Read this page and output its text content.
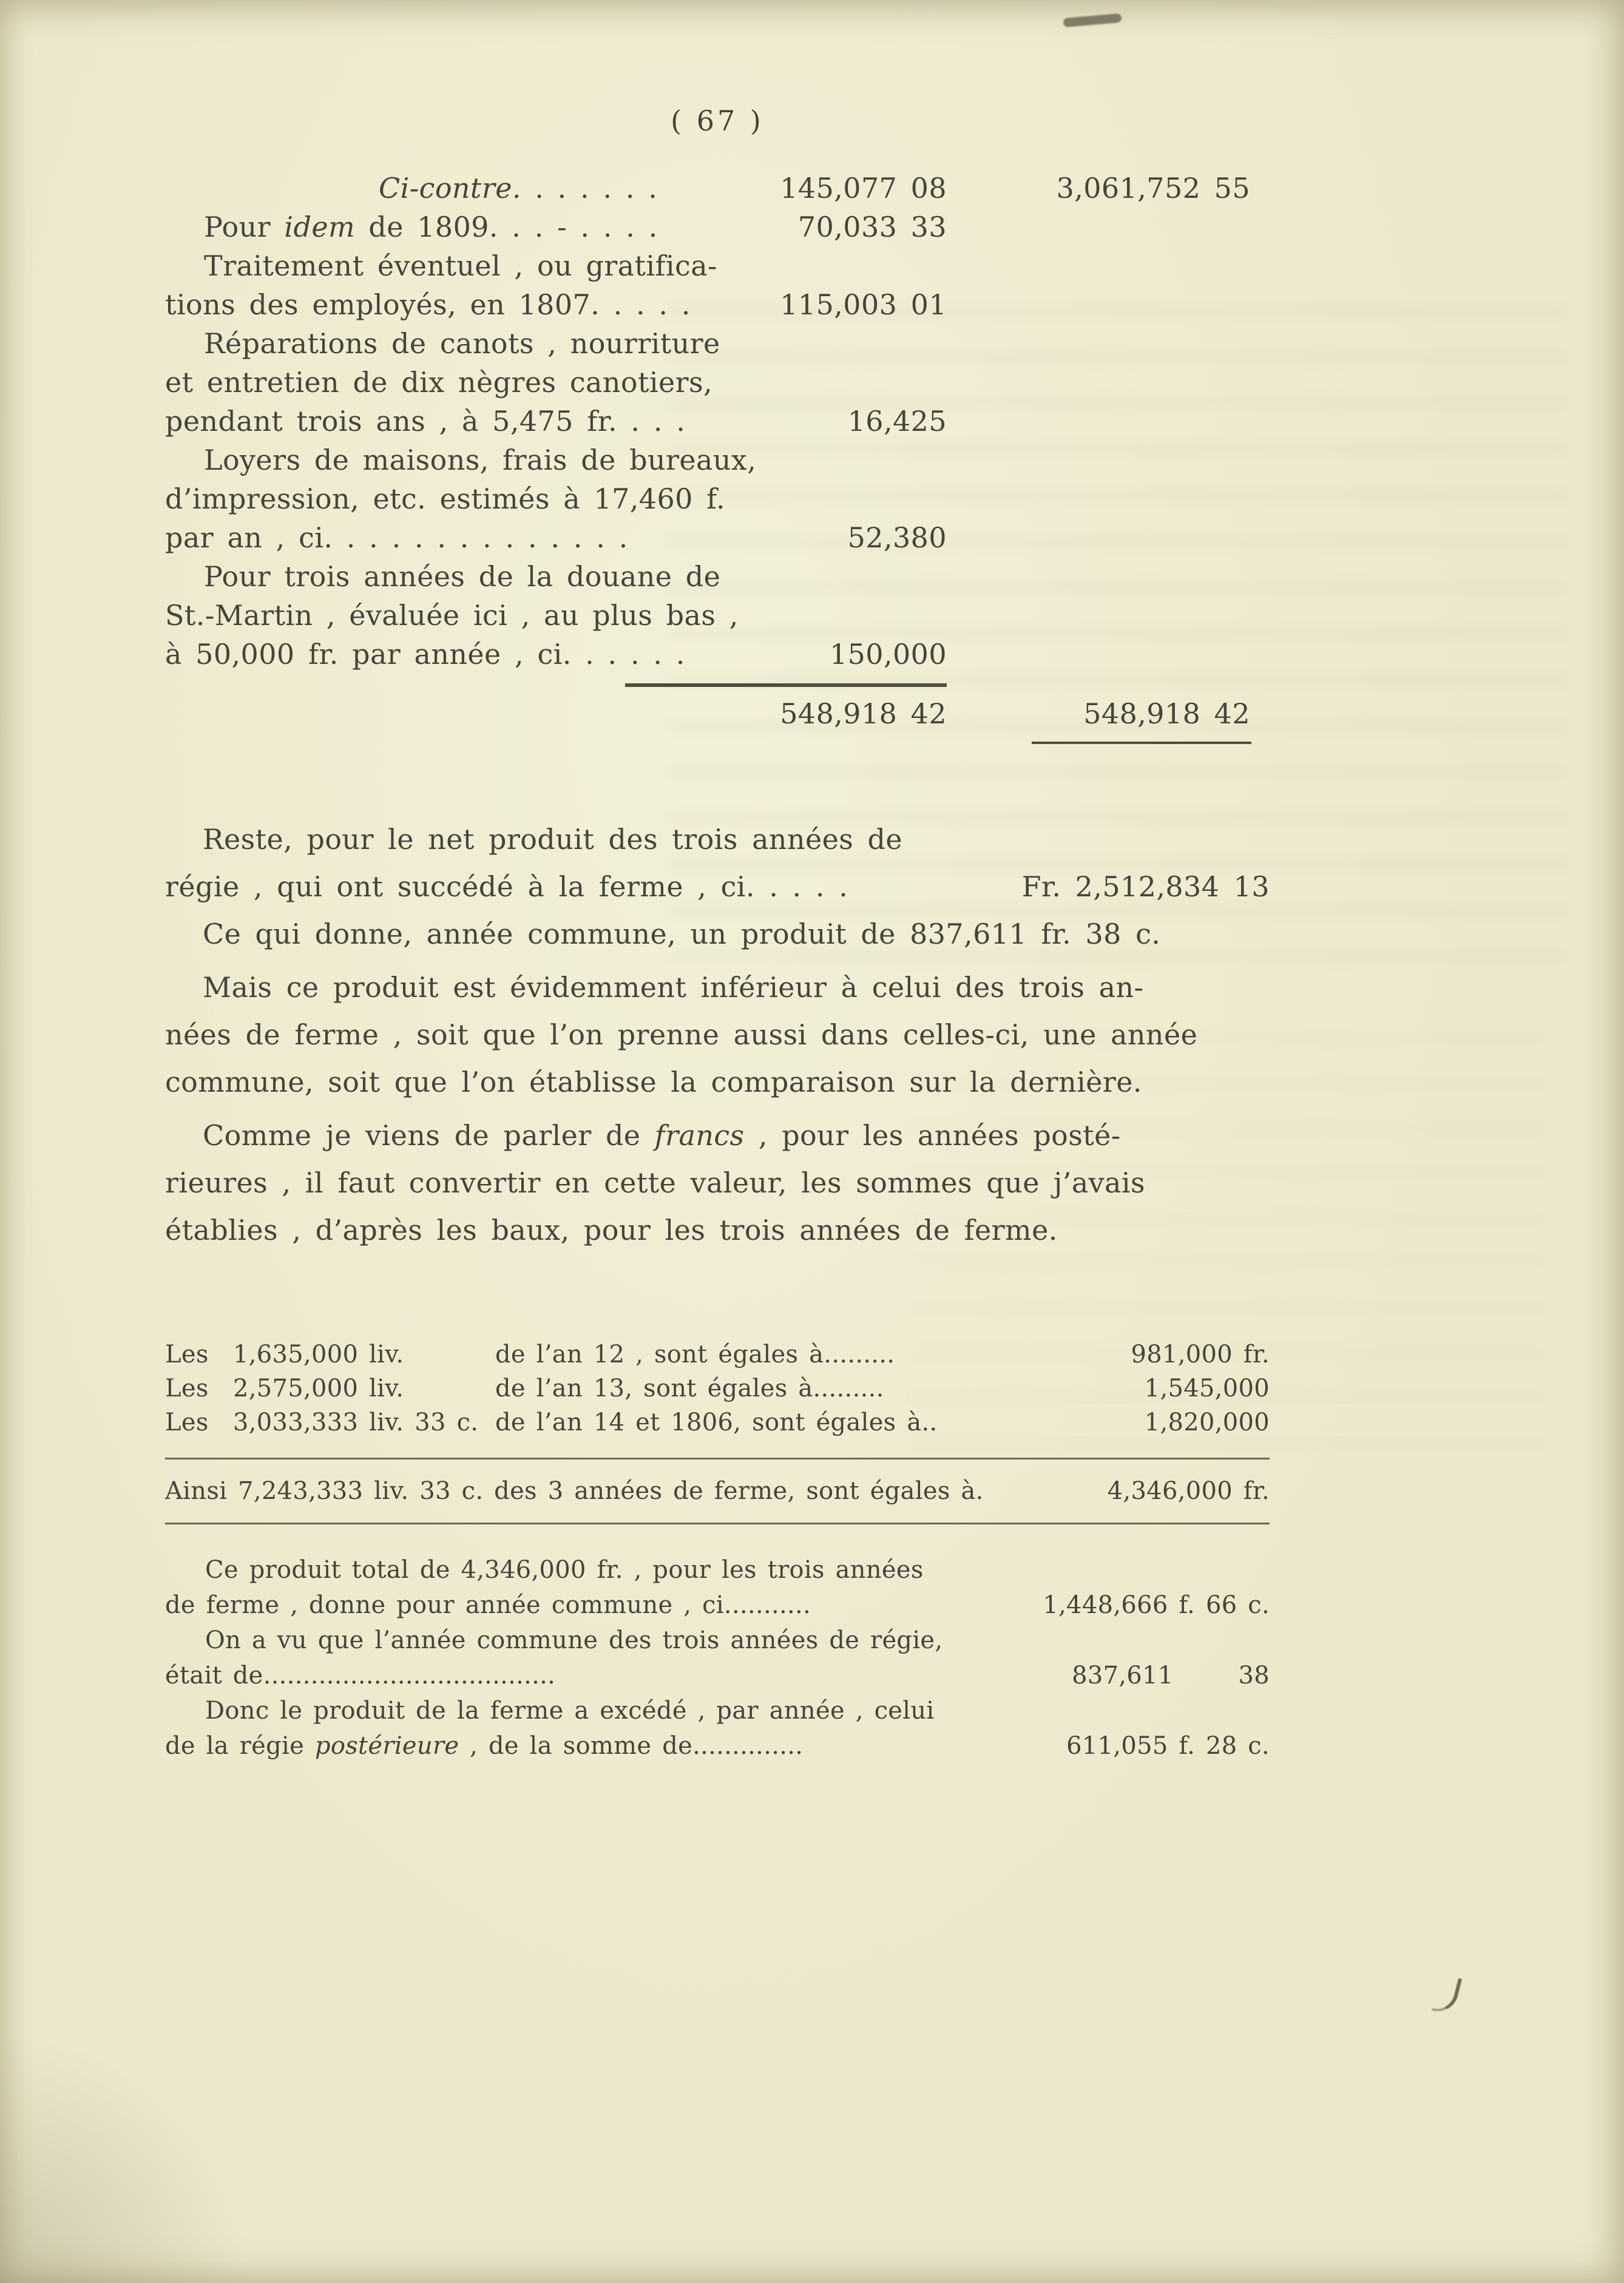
( 67 )
Ci-contre. . . . . . .	145,077 08	3,061,752 55
Pour idem de 1809. . . - . . . .	70,033 33
Traitement éventuel , ou gratifica-
tions des employés, en 1807. . . . .	115,003 01
Réparations de canots , nourriture
et entretien de dix nègres canotiers,
pendant trois ans , à 5,475 fr. . . .	16,425
Loyers de maisons, frais de bureaux,
d’impression, etc. estimés à 17,460 f.
par an , ci. . . . . . . . . . . . . .	52,380
Pour trois années de la douane de
St.-Martin , évaluée ici , au plus bas ,
à 50,000 fr. par année , ci. . . . . .	150,000
548,918 42	548,918 42
Reste, pour le net produit des trois années de
régie , qui ont succédé à la ferme , ci. . . . .	Fr. 2,512,834 13
Ce qui donne, année commune, un produit de 837,611 fr. 38 c.
Mais ce produit est évidemment inférieur à celui des trois an-
nées de ferme , soit que l’on prenne aussi dans celles-ci, une année
commune, soit que l’on établisse la comparaison sur la dernière.
Comme je viens de parler de francs , pour les années posté-
rieures , il faut convertir en cette valeur, les sommes que j’avais
établies , d’après les baux, pour les trois années de ferme.
Les	1,635,000 liv.	de l’an 12 , sont égales à.........	981,000 fr.
Les	2,575,000 liv.	de l’an 13, sont égales à.........	1,545,000
Les	3,033,333 liv. 33 c. de l’an 14 et 1806, sont égales à..	1,820,000
Ainsi 7,243,333 liv. 33 c. des 3 années de ferme, sont égales à.	4,346,000 fr.
Ce produit total de 4,346,000 fr. , pour les trois années
de ferme , donne pour année commune , ci...........	1,448,666 f. 66 c.
On a vu que l’année commune des trois années de régie,
était de.....................................	837,611      38
Donc le produit de la ferme a excédé , par année , celui
de la régie postérieure , de la somme de..............	611,055 f. 28 c.
